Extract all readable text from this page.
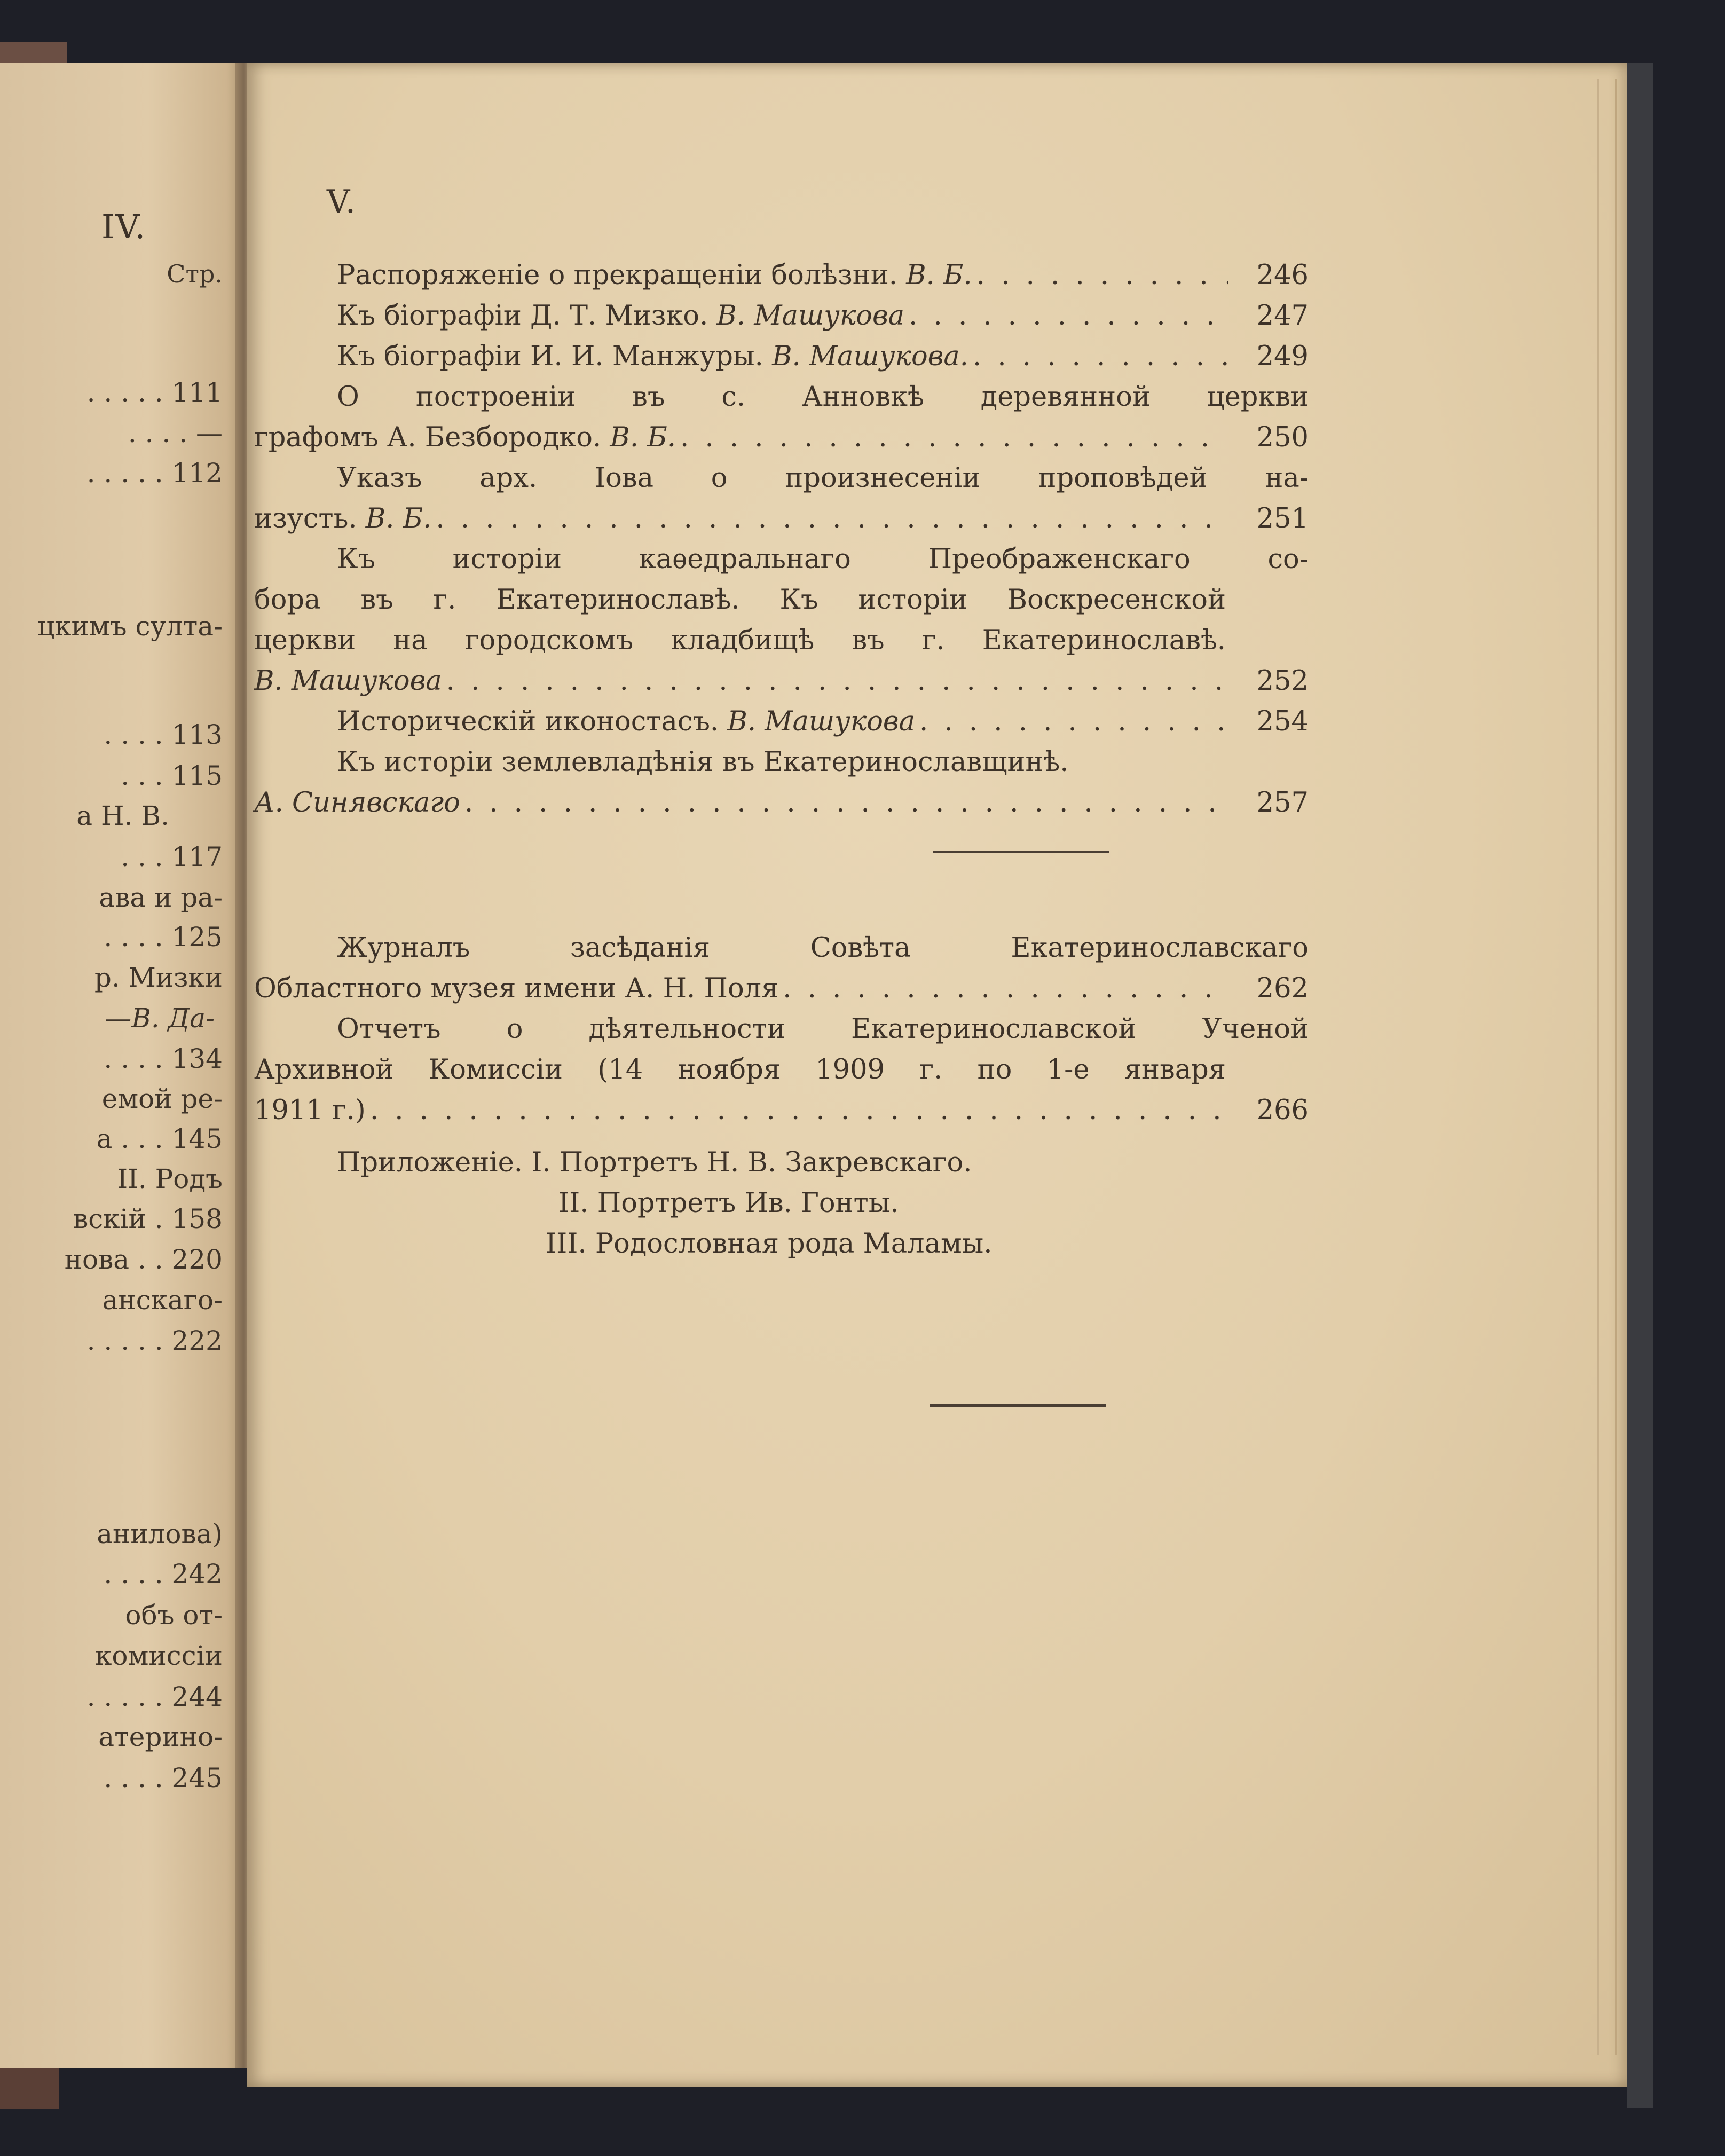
IV.
Стр.
. . . . . 111
. . . . —
. . . . . 112
цкимъ султа-
. . . . 113
. . . 115
а Н. В.
. . . 117
ава и ра-
. . . . 125
р. Мизки
—В. Да-
. . . . 134
емой ре-
а . . . 145
II. Родъ
вскій . 158
нова . . 220
анскаго-
. . . . . 222
анилова)
. . . . 242
объ от-
комиссіи
. . . . . 244
атерино-
. . . . 245
V.
Распоряженіе о прекращеніи болѣзни.
В. Б. . . .	246
Къ біографіи Д. Т. Мизко.
В. Машукова . . .	247
Къ біографіи И. И. Манжуры.
В. Машукова. . . .	249
О построеніи въ с. Анновкѣ деревянной церкви
графомъ А. Безбородко.
В. Б. . . .	250
Указъ арх. Іова о произнесеніи проповѣдей на-
изусть.
В. Б. . . .	251
Къ исторіи каѳедральнаго Преображенскаго со-
бора въ г. Екатеринославѣ. Къ исторіи Воскресенской
церкви на городскомъ кладбищѣ въ г. Екатеринославѣ.
В. Машукова . . .	252
Историческій иконостасъ.
В. Машукова . . .	254
Къ исторіи землевладѣнія въ Екатеринославщинѣ.
А. Синявскаго . . .	257
Журналъ засѣданія Совѣта Екатеринославскаго
Областного музея имени А. Н. Поля . . .	262
Отчетъ о дѣятельности Екатеринославской Ученой
Архивной Комиссіи (14 ноября 1909 г. по 1-е января
1911 г.) . . .	266
Приложеніе. I. Портретъ Н. В. Закревскаго.
II. Портретъ Ив. Гонты.
III. Родословная рода Маламы.
